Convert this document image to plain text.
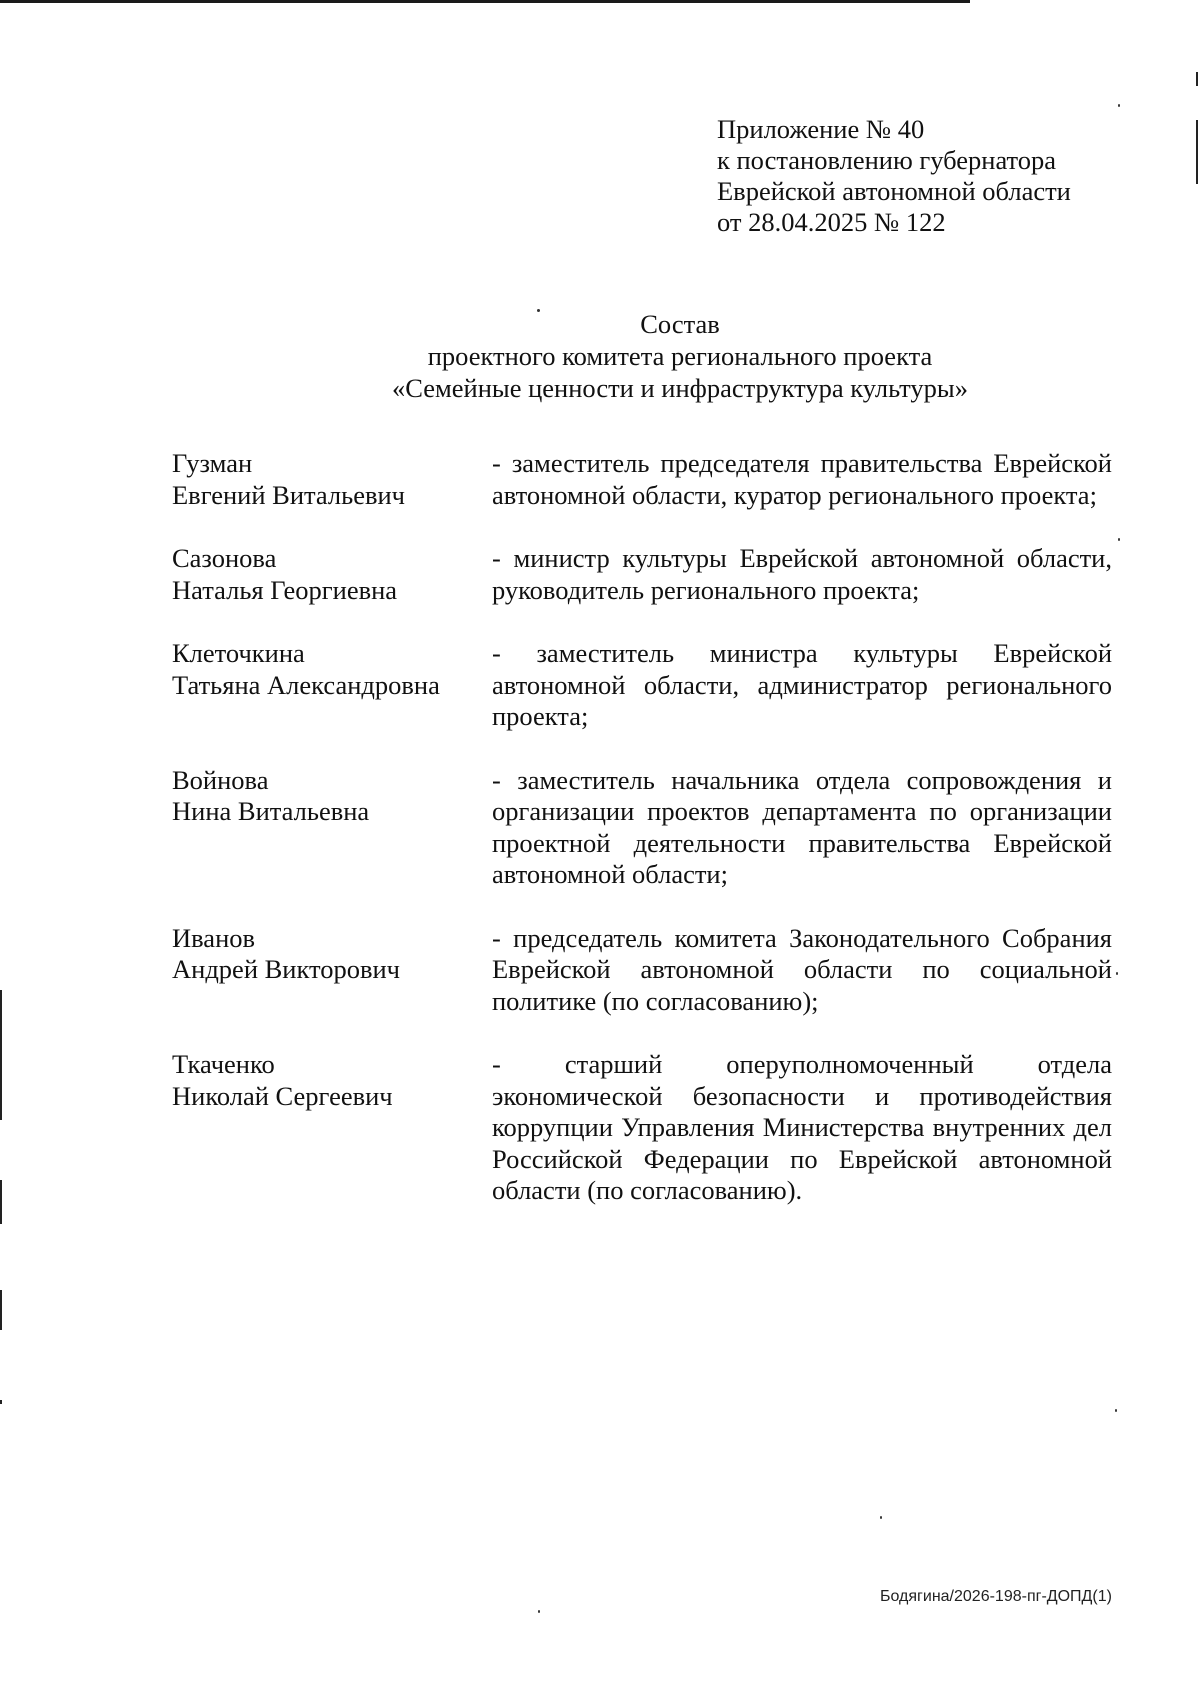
Приложение № 40
к постановлению губернатора
Еврейской автономной области
от 28.04.2025 № 122
Состав
проектного комитета регионального проекта
«Семейные ценности и инфраструктура культуры»
Гузман
Евгений Витальевич
- заместитель председателя правительства Еврейской автономной области, куратор регионального проекта;
Сазонова
Наталья Георгиевна
- министр культуры Еврейской автономной области, руководитель регионального проекта;
Клеточкина
Татьяна Александровна
- заместитель министра культуры Еврейской автономной области, администратор регионального проекта;
Войнова
Нина Витальевна
- заместитель начальника отдела сопровождения и организации проектов департамента по организации проектной деятельности правительства Еврейской автономной области;
Иванов
Андрей Викторович
- председатель комитета Законодательного Собрания Еврейской автономной области по социальной политике (по согласованию);
Ткаченко
Николай Сергеевич
- старший оперуполномоченный отдела экономической безопасности и противодействия коррупции Управления Министерства внутренних дел Российской Федерации по Еврейской автономной области (по согласованию).
Бодягина/2026-198-пг-ДОПД(1)
